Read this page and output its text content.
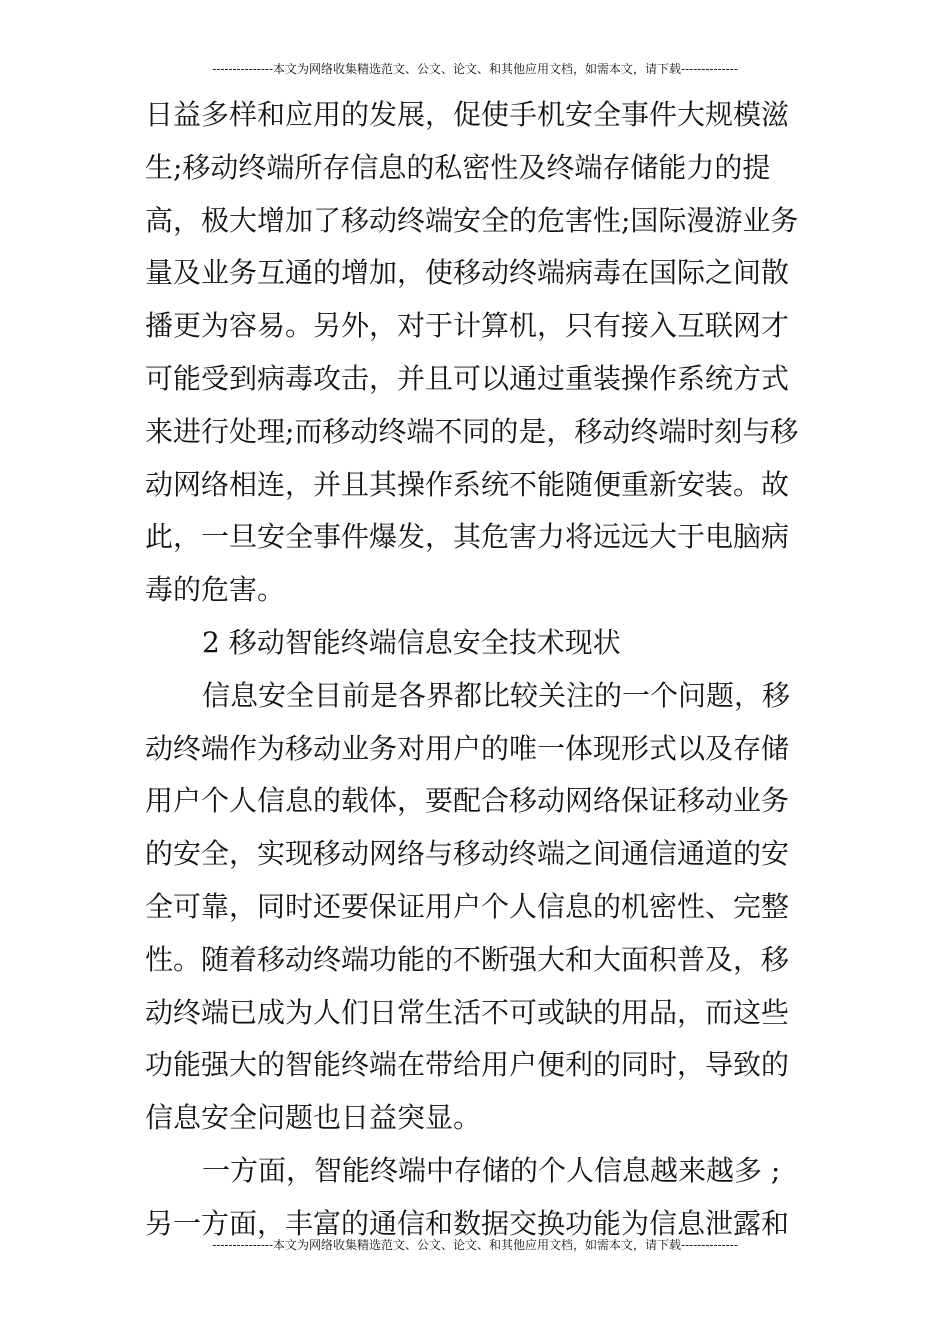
---------------本文为网络收集精选范文、公文、论文、和其他应用文档，如需本文，请下载--------------
日益多样和应用的发展，促使手机安全事件大规模滋
生;移动终端所存信息的私密性及终端存储能力的提
高，极大增加了移动终端安全的危害性;国际漫游业务
量及业务互通的增加，使移动终端病毒在国际之间散
播更为容易。另外，对于计算机，只有接入互联网才
可能受到病毒攻击，并且可以通过重装操作系统方式
来进行处理;而移动终端不同的是，移动终端时刻与移
动网络相连，并且其操作系统不能随便重新安装。故
此，一旦安全事件爆发，其危害力将远远大于电脑病
毒的危害。
2 移动智能终端信息安全技术现状
信息安全目前是各界都比较关注的一个问题，移
动终端作为移动业务对用户的唯一体现形式以及存储
用户个人信息的载体，要配合移动网络保证移动业务
的安全，实现移动网络与移动终端之间通信通道的安
全可靠，同时还要保证用户个人信息的机密性、完整
性。随着移动终端功能的不断强大和大面积普及，移
动终端已成为人们日常生活不可或缺的用品，而这些
功能强大的智能终端在带给用户便利的同时，导致的
信息安全问题也日益突显。
一方面，智能终端中存储的个人信息越来越多 ;
另一方面，丰富的通信和数据交换功能为信息泄露和
---------------本文为网络收集精选范文、公文、论文、和其他应用文档，如需本文，请下载--------------
